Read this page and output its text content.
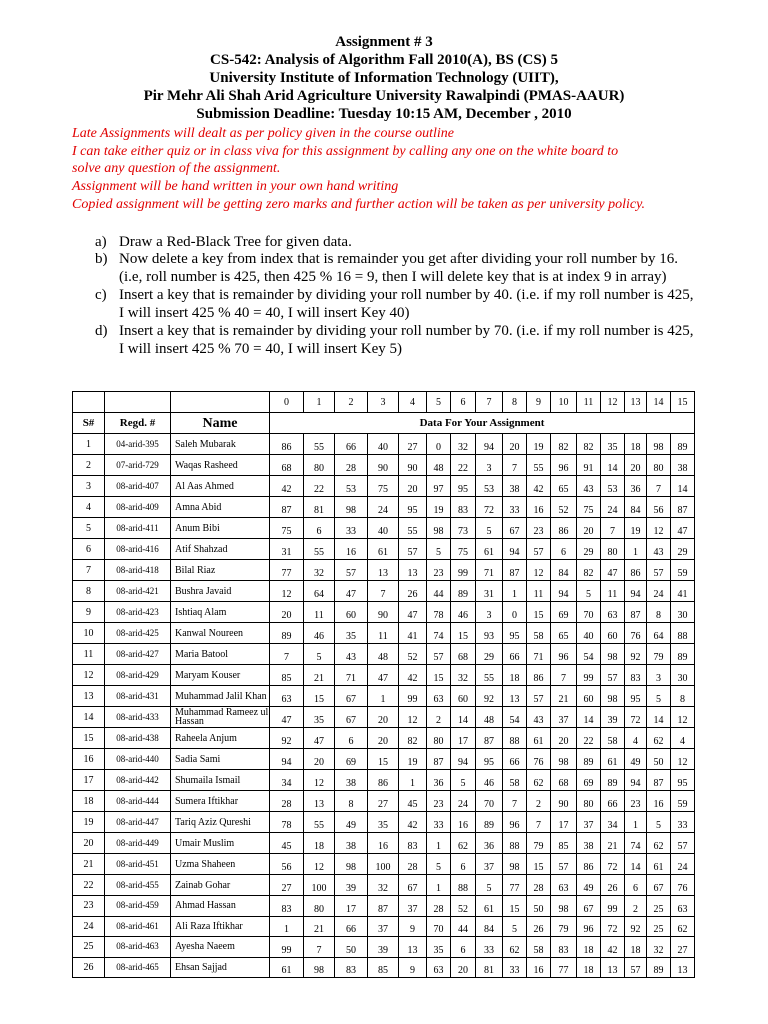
Assignment # 3
CS-542: Analysis of Algorithm Fall 2010(A), BS (CS) 5
University Institute of Information Technology (UIIT),
Pir Mehr Ali Shah Arid Agriculture University Rawalpindi (PMAS-AAUR)
Submission Deadline: Tuesday 10:15 AM, December , 2010
Late Assignments will dealt as per policy given in the course outline
I can take either quiz or in class viva for this assignment by calling any one on the white board to
solve any question of the assignment.
Assignment will be hand written in your own hand writing
Copied assignment will be getting zero marks and further action will be taken as per university policy.
a) Draw a Red-Black Tree for given data.
b) Now delete a key from index that is remainder you get after dividing your roll number by 16.
(i.e, roll number is 425, then 425 % 16 = 9, then I will delete key that is at index 9 in array)
c) Insert a key that is remainder by dividing your roll number by 40. (i.e. if my roll number is 425,
I will insert 425 % 40 = 40, I will insert Key 40)
d) Insert a key that is remainder by dividing your roll number by 70. (i.e. if my roll number is 425,
I will insert 425 % 70 = 40, I will insert Key 5)
			0	1	2	3	4	5	6	7	8	9	10	11	12	13	14	15
S#	Regd. #	Name	Data For Your Assignment															
1	04-arid-395	Saleh Mubarak	86	55	66	40	27	0	32	94	20	19	82	82	35	18	98	89
2	07-arid-729	Waqas Rasheed	68	80	28	90	90	48	22	3	7	55	96	91	14	20	80	38
3	08-arid-407	Al Aas Ahmed	42	22	53	75	20	97	95	53	38	42	65	43	53	36	7	14
4	08-arid-409	Amna Abid	87	81	98	24	95	19	83	72	33	16	52	75	24	84	56	87
5	08-arid-411	Anum Bibi	75	6	33	40	55	98	73	5	67	23	86	20	7	19	12	47
6	08-arid-416	Atif Shahzad	31	55	16	61	57	5	75	61	94	57	6	29	80	1	43	29
7	08-arid-418	Bilal Riaz	77	32	57	13	13	23	99	71	87	12	84	82	47	86	57	59
8	08-arid-421	Bushra Javaid	12	64	47	7	26	44	89	31	1	11	94	5	11	94	24	41
9	08-arid-423	Ishtiaq Alam	20	11	60	90	47	78	46	3	0	15	69	70	63	87	8	30
10	08-arid-425	Kanwal Noureen	89	46	35	11	41	74	15	93	95	58	65	40	60	76	64	88
11	08-arid-427	Maria Batool	7	5	43	48	52	57	68	29	66	71	96	54	98	92	79	89
12	08-arid-429	Maryam Kouser	85	21	71	47	42	15	32	55	18	86	7	99	57	83	3	30
13	08-arid-431	Muhammad Jalil Khan	63	15	67	1	99	63	60	92	13	57	21	60	98	95	5	8
14	08-arid-433	Muhammad Rameez ul Hassan	47	35	67	20	12	2	14	48	54	43	37	14	39	72	14	12
15	08-arid-438	Raheela Anjum	92	47	6	20	82	80	17	87	88	61	20	22	58	4	62	4
16	08-arid-440	Sadia Sami	94	20	69	15	19	87	94	95	66	76	98	89	61	49	50	12
17	08-arid-442	Shumaila Ismail	34	12	38	86	1	36	5	46	58	62	68	69	89	94	87	95
18	08-arid-444	Sumera Iftikhar	28	13	8	27	45	23	24	70	7	2	90	80	66	23	16	59
19	08-arid-447	Tariq Aziz Qureshi	78	55	49	35	42	33	16	89	96	7	17	37	34	1	5	33
20	08-arid-449	Umair Muslim	45	18	38	16	83	1	62	36	88	79	85	38	21	74	62	57
21	08-arid-451	Uzma Shaheen	56	12	98	100	28	5	6	37	98	15	57	86	72	14	61	24
22	08-arid-455	Zainab Gohar	27	100	39	32	67	1	88	5	77	28	63	49	26	6	67	76
23	08-arid-459	Ahmad Hassan	83	80	17	87	37	28	52	61	15	50	98	67	99	2	25	63
24	08-arid-461	Ali Raza Iftikhar	1	21	66	37	9	70	44	84	5	26	79	96	72	92	25	62
25	08-arid-463	Ayesha Naeem	99	7	50	39	13	35	6	33	62	58	83	18	42	18	32	27
26	08-arid-465	Ehsan Sajjad	61	98	83	85	9	63	20	81	33	16	77	18	13	57	89	13
